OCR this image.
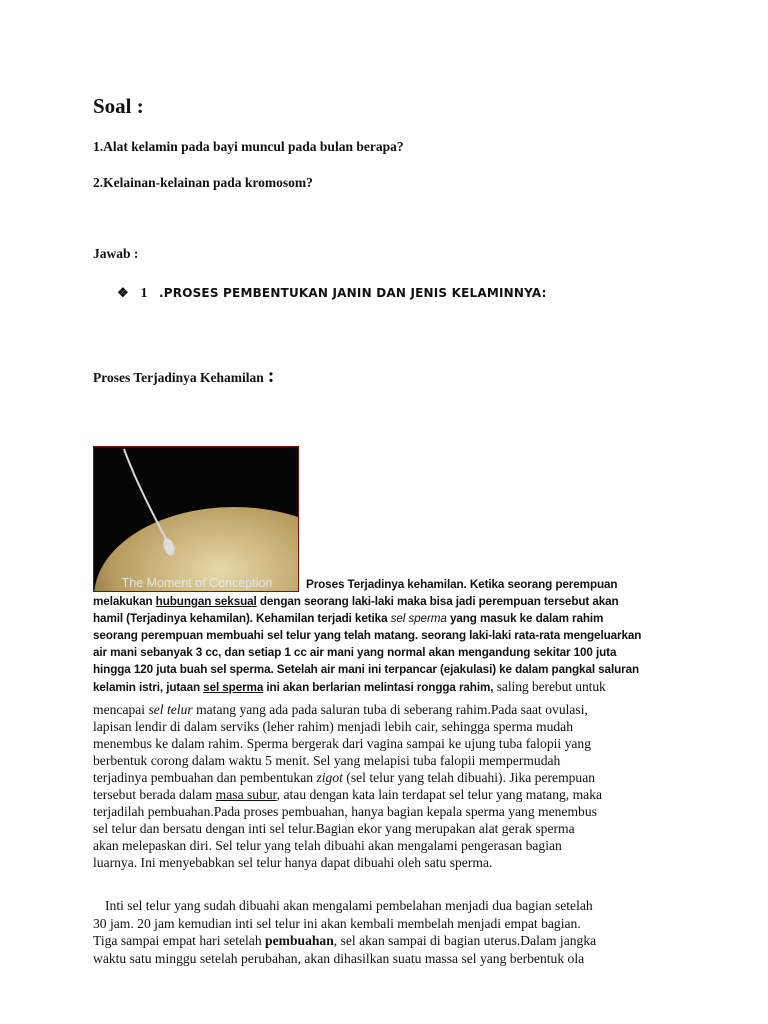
Soal :
1.Alat kelamin pada bayi muncul pada bulan berapa?
2.Kelainan-kelainan pada kromosom?
Jawab :
❖ 1 .PROSES PEMBENTUKAN JANIN DAN JENIS KELAMINNYA:
Proses Terjadinya Kehamilan :
The Moment of Conception	Proses Terjadinya kehamilan. Ketika seorang perempuan
melakukan hubungan seksual dengan seorang laki-laki maka bisa jadi perempuan tersebut akan
hamil (Terjadinya kehamilan). Kehamilan terjadi ketika sel sperma yang masuk ke dalam rahim
seorang perempuan membuahi sel telur yang telah matang. seorang laki-laki rata-rata mengeluarkan
air mani sebanyak 3 cc, dan setiap 1 cc air mani yang normal akan mengandung sekitar 100 juta
hingga 120 juta buah sel sperma. Setelah air mani ini terpancar (ejakulasi) ke dalam pangkal saluran
kelamin istri, jutaan sel sperma ini akan berlarian melintasi rongga rahim, saling berebut untuk
mencapai sel telur matang yang ada pada saluran tuba di seberang rahim.Pada saat ovulasi,
lapisan lendir di dalam serviks (leher rahim) menjadi lebih cair, sehingga sperma mudah
menembus ke dalam rahim. Sperma bergerak dari vagina sampai ke ujung tuba falopii yang
berbentuk corong dalam waktu 5 menit. Sel yang melapisi tuba falopii mempermudah
terjadinya pembuahan dan pembentukan zigot (sel telur yang telah dibuahi). Jika perempuan
tersebut berada dalam masa subur, atau dengan kata lain terdapat sel telur yang matang, maka
terjadilah pembuahan.Pada proses pembuahan, hanya bagian kepala sperma yang menembus
sel telur dan bersatu dengan inti sel telur.Bagian ekor yang merupakan alat gerak sperma
akan melepaskan diri. Sel telur yang telah dibuahi akan mengalami pengerasan bagian
luarnya. Ini menyebabkan sel telur hanya dapat dibuahi oleh satu sperma.
Inti sel telur yang sudah dibuahi akan mengalami pembelahan menjadi dua bagian setelah
30 jam. 20 jam kemudian inti sel telur ini akan kembali membelah menjadi empat bagian.
Tiga sampai empat hari setelah pembuahan, sel akan sampai di bagian uterus.Dalam jangka
waktu satu minggu setelah perubahan, akan dihasilkan suatu massa sel yang berbentuk ola
